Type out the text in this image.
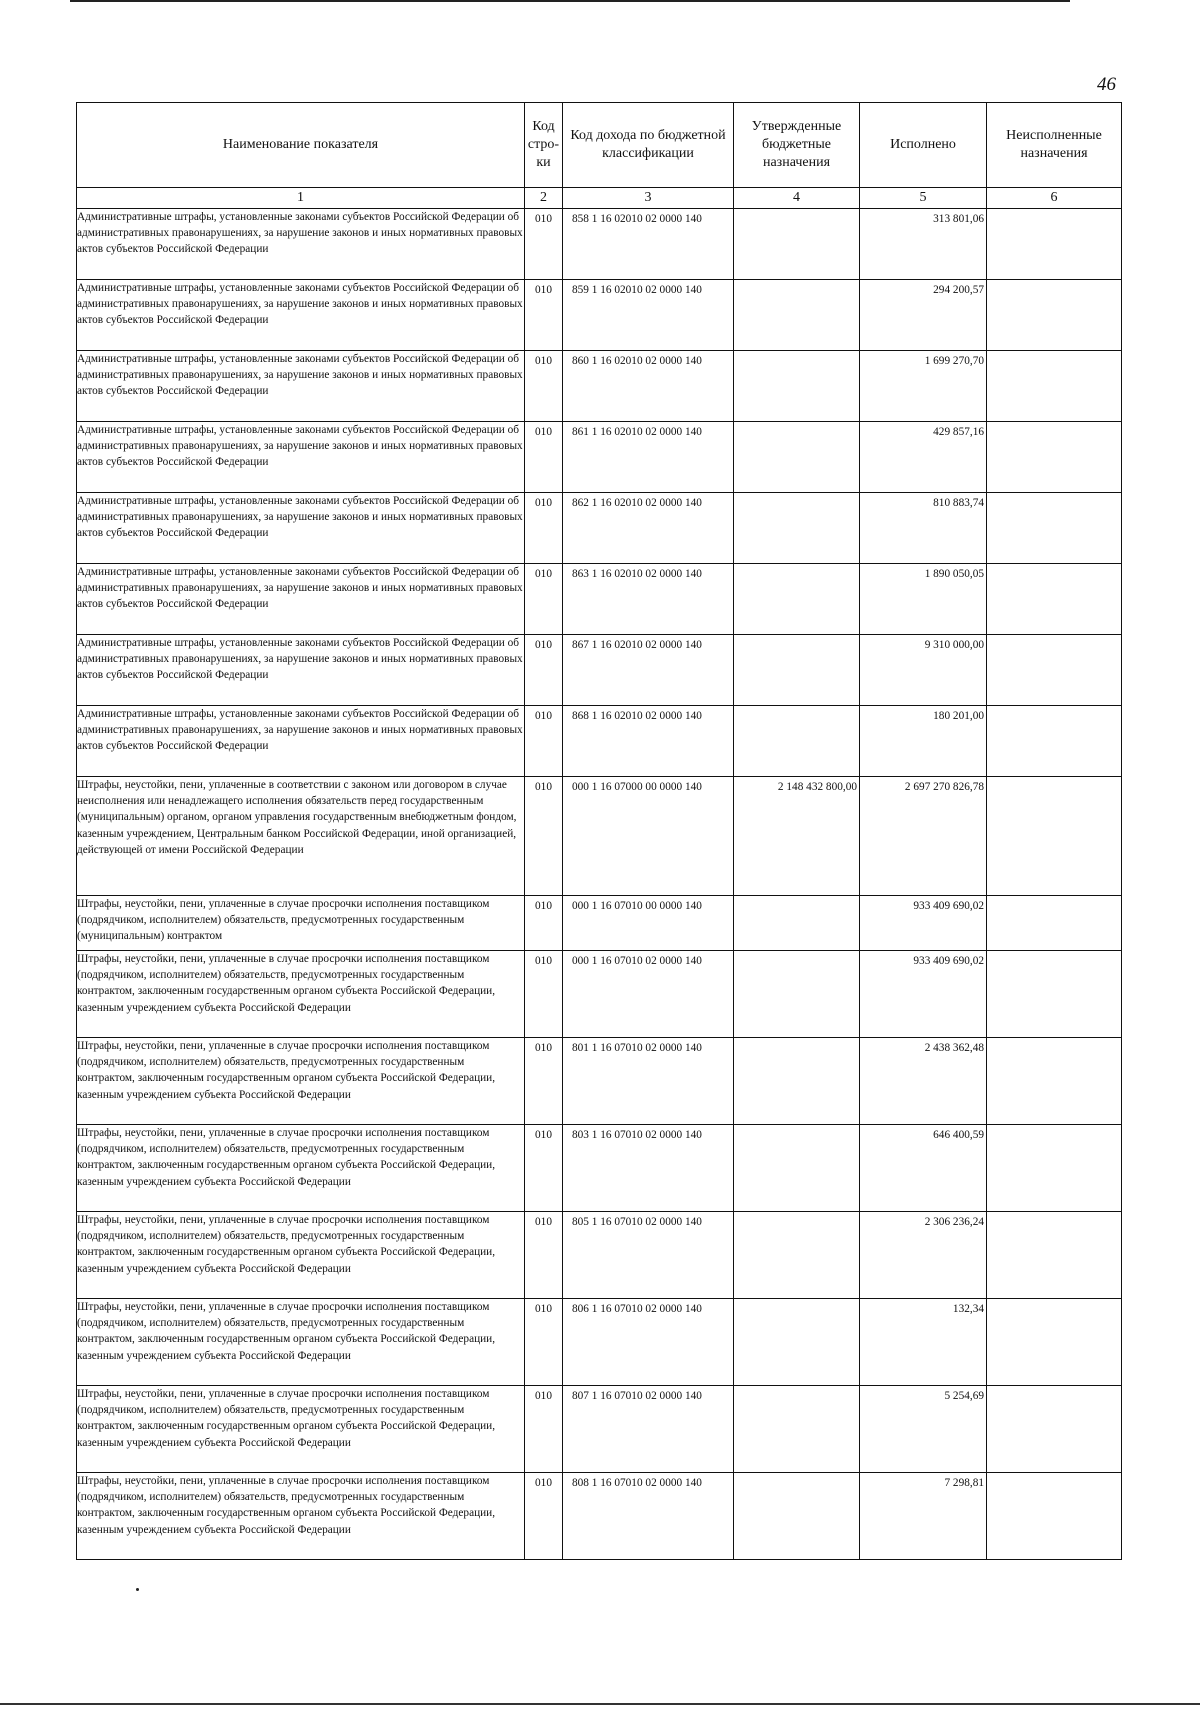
46
Наименование показателя	Код стро-ки	Код дохода по бюджетной классификации	Утвержденные бюджетные назначения	Исполнено	Неисполненные назначения
1	2	3	4	5	6
Административные штрафы, установленные законами субъектов Российской Федерации об административных правонарушениях, за нарушение законов и иных нормативных правовых актов субъектов Российской Федерации	010	858 1 16 02010 02 0000 140		313 801,06	
Административные штрафы, установленные законами субъектов Российской Федерации об административных правонарушениях, за нарушение законов и иных нормативных правовых актов субъектов Российской Федерации	010	859 1 16 02010 02 0000 140		294 200,57	
Административные штрафы, установленные законами субъектов Российской Федерации об административных правонарушениях, за нарушение законов и иных нормативных правовых актов субъектов Российской Федерации	010	860 1 16 02010 02 0000 140		1 699 270,70	
Административные штрафы, установленные законами субъектов Российской Федерации об административных правонарушениях, за нарушение законов и иных нормативных правовых актов субъектов Российской Федерации	010	861 1 16 02010 02 0000 140		429 857,16	
Административные штрафы, установленные законами субъектов Российской Федерации об административных правонарушениях, за нарушение законов и иных нормативных правовых актов субъектов Российской Федерации	010	862 1 16 02010 02 0000 140		810 883,74	
Административные штрафы, установленные законами субъектов Российской Федерации об административных правонарушениях, за нарушение законов и иных нормативных правовых актов субъектов Российской Федерации	010	863 1 16 02010 02 0000 140		1 890 050,05	
Административные штрафы, установленные законами субъектов Российской Федерации об административных правонарушениях, за нарушение законов и иных нормативных правовых актов субъектов Российской Федерации	010	867 1 16 02010 02 0000 140		9 310 000,00	
Административные штрафы, установленные законами субъектов Российской Федерации об административных правонарушениях, за нарушение законов и иных нормативных правовых актов субъектов Российской Федерации	010	868 1 16 02010 02 0000 140		180 201,00	
Штрафы, неустойки, пени, уплаченные в соответствии с законом или договором в случае неисполнения или ненадлежащего исполнения обязательств перед государственным (муниципальным) органом, органом управления государственным внебюджетным фондом, казенным учреждением, Центральным банком Российской Федерации, иной организацией, действующей от имени Российской Федерации	010	000 1 16 07000 00 0000 140	2 148 432 800,00	2 697 270 826,78	
Штрафы, неустойки, пени, уплаченные в случае просрочки исполнения поставщиком (подрядчиком, исполнителем) обязательств, предусмотренных государственным (муниципальным) контрактом	010	000 1 16 07010 00 0000 140		933 409 690,02	
Штрафы, неустойки, пени, уплаченные в случае просрочки исполнения поставщиком (подрядчиком, исполнителем) обязательств, предусмотренных государственным контрактом, заключенным государственным органом субъекта Российской Федерации, казенным учреждением субъекта Российской Федерации	010	000 1 16 07010 02 0000 140		933 409 690,02	
Штрафы, неустойки, пени, уплаченные в случае просрочки исполнения поставщиком (подрядчиком, исполнителем) обязательств, предусмотренных государственным контрактом, заключенным государственным органом субъекта Российской Федерации, казенным учреждением субъекта Российской Федерации	010	801 1 16 07010 02 0000 140		2 438 362,48	
Штрафы, неустойки, пени, уплаченные в случае просрочки исполнения поставщиком (подрядчиком, исполнителем) обязательств, предусмотренных государственным контрактом, заключенным государственным органом субъекта Российской Федерации, казенным учреждением субъекта Российской Федерации	010	803 1 16 07010 02 0000 140		646 400,59	
Штрафы, неустойки, пени, уплаченные в случае просрочки исполнения поставщиком (подрядчиком, исполнителем) обязательств, предусмотренных государственным контрактом, заключенным государственным органом субъекта Российской Федерации, казенным учреждением субъекта Российской Федерации	010	805 1 16 07010 02 0000 140		2 306 236,24	
Штрафы, неустойки, пени, уплаченные в случае просрочки исполнения поставщиком (подрядчиком, исполнителем) обязательств, предусмотренных государственным контрактом, заключенным государственным органом субъекта Российской Федерации, казенным учреждением субъекта Российской Федерации	010	806 1 16 07010 02 0000 140		132,34	
Штрафы, неустойки, пени, уплаченные в случае просрочки исполнения поставщиком (подрядчиком, исполнителем) обязательств, предусмотренных государственным контрактом, заключенным государственным органом субъекта Российской Федерации, казенным учреждением субъекта Российской Федерации	010	807 1 16 07010 02 0000 140		5 254,69	
Штрафы, неустойки, пени, уплаченные в случае просрочки исполнения поставщиком (подрядчиком, исполнителем) обязательств, предусмотренных государственным контрактом, заключенным государственным органом субъекта Российской Федерации, казенным учреждением субъекта Российской Федерации	010	808 1 16 07010 02 0000 140		7 298,81	
